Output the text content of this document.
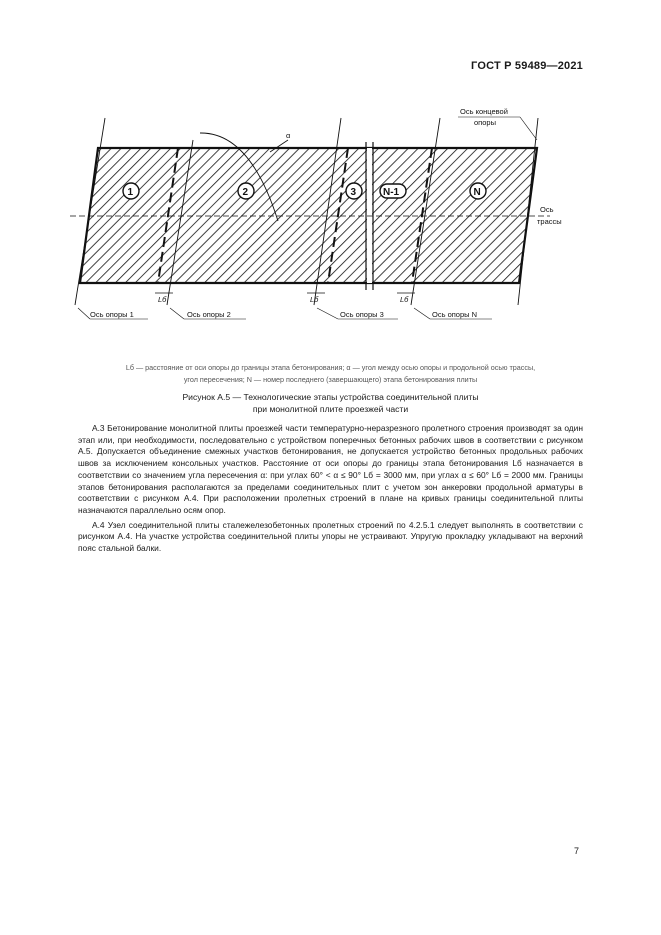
ГОСТ Р 59489—2021
α
1	2	3	N-1	N
Ось концевой
опоры
Ось
трассы
Lб	Lб	Lб
Ось опоры 1	Ось опоры 2	Ось опоры 3	Ось опоры N
Lб — расстояние от оси опоры до границы этапа бетонирования; α — угол между осью опоры и продольной осью трассы,
угол пересечения; N — номер последнего (завершающего) этапа бетонирования плиты
Рисунок А.5 — Технологические этапы устройства соединительной плиты
при монолитной плите проезжей части

А.3 Бетонирование монолитной плиты проезжей части температурно-неразрезного пролетного строения производят за один этап или, при необходимости, последовательно с устройством поперечных бетонных рабочих швов в соответствии с рисунком А.5. Допускается объединение смежных участков бетонирования, не допускается устройство бетонных продольных рабочих швов за исключением консольных участков. Расстояние от оси опоры до границы этапа бетонирования Lб назначается в соответствии со значением угла пересечения α: при углах 60° < α ≤ 90° Lб = 3000 мм, при углах α ≤ 60° Lб = 2000 мм. Границы этапов бетонирования располагаются за пределами соединительных плит с учетом зон анкеровки продольной арматуры в соответствии с рисунком А.4. При расположении пролетных строений в плане на кривых границы соединительной плиты назначаются параллельно осям опор.

А.4 Узел соединительной плиты сталежелезобетонных пролетных строений по 4.2.5.1 следует выполнять в соответствии с рисунком А.4. На участке устройства соединительной плиты упоры не устраивают. Упругую прокладку укладывают на верхний пояс стальной балки.

7
